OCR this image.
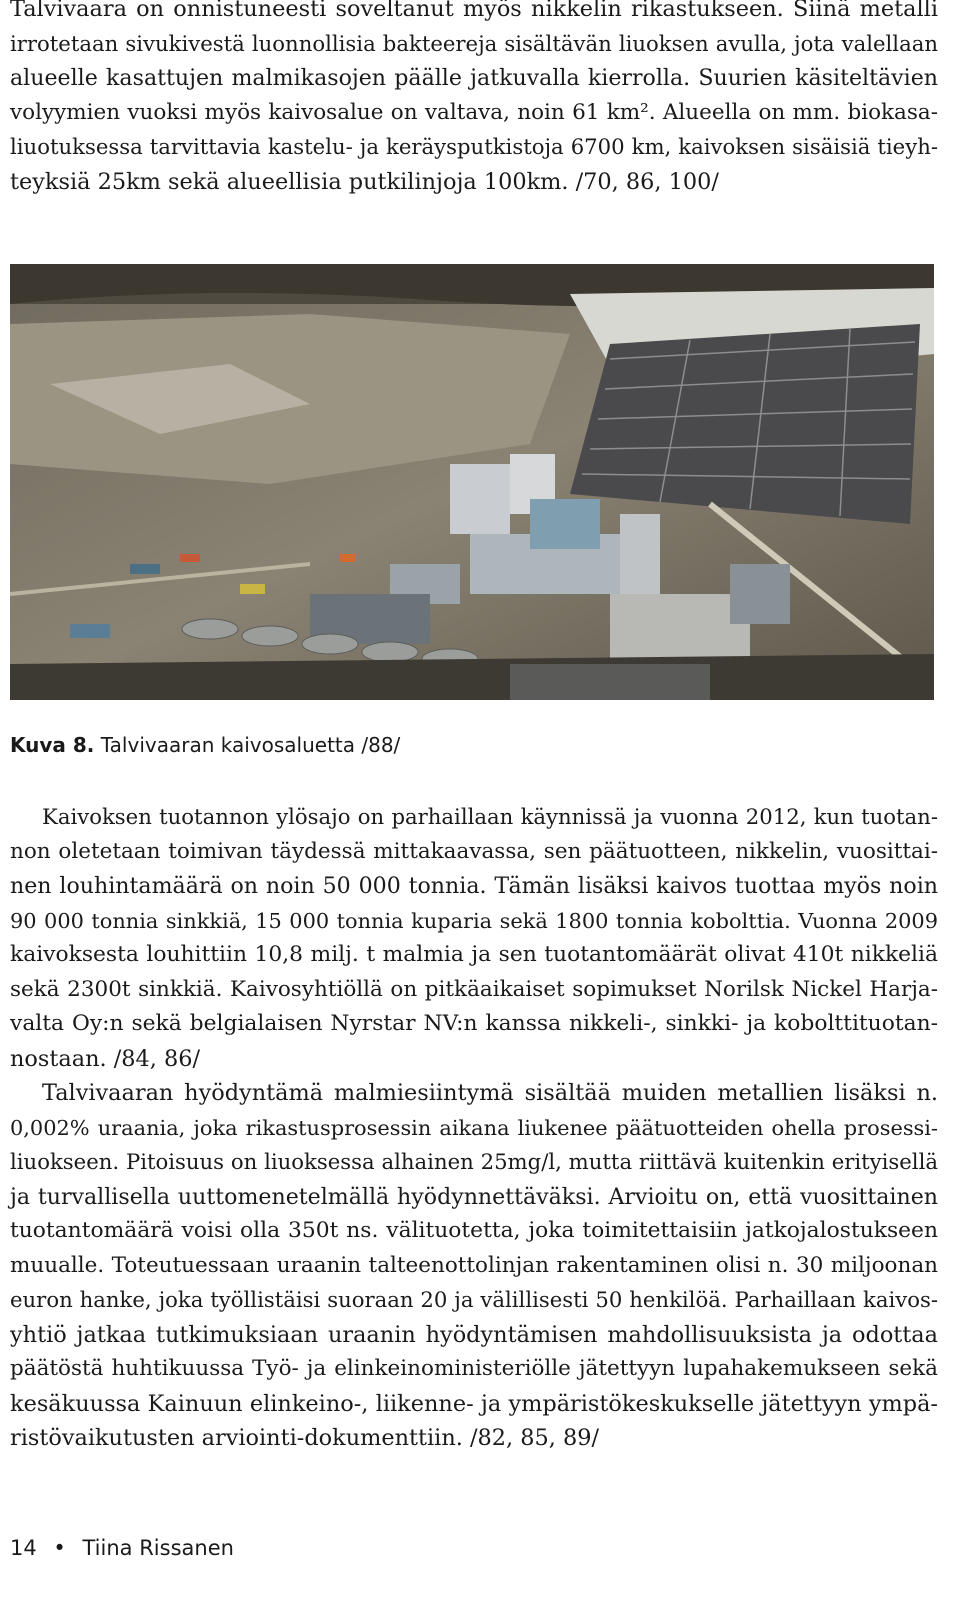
Talvivaara on onnistuneesti soveltanut myös nikkelin rikastukseen. Siinä metalli
irrotetaan sivukivestä luonnollisia bakteereja sisältävän liuoksen avulla, jota valellaan
alueelle kasattujen malmikasojen päälle jatkuvalla kierrolla. Suurien käsiteltävien
volyymien vuoksi myös kaivosalue on valtava, noin 61 km². Alueella on mm. biokasa-
liuotuksessa tarvittavia kastelu- ja keräysputkistoja 6700 km, kaivoksen sisäisiä tieyh-
teyksiä 25km sekä alueellisia putkilinjoja 100km. /70, 86, 100/
Kuva 8. Talvivaaran kaivosaluetta /88/
Kaivoksen tuotannon ylösajo on parhaillaan käynnissä ja vuonna 2012, kun tuotan-
non oletetaan toimivan täydessä mittakaavassa, sen päätuotteen, nikkelin, vuosittai-
nen louhintamäärä on noin 50 000 tonnia. Tämän lisäksi kaivos tuottaa myös noin
90 000 tonnia sinkkiä, 15 000 tonnia kuparia sekä 1800 tonnia kobolttia. Vuonna 2009
kaivoksesta louhittiin 10,8 milj. t malmia ja sen tuotantomäärät olivat 410t nikkeliä
sekä 2300t sinkkiä. Kaivosyhtiöllä on pitkäaikaiset sopimukset Norilsk Nickel Harja-
valta Oy:n sekä belgialaisen Nyrstar NV:n kanssa nikkeli-, sinkki- ja kobolttituotan-
nostaan. /84, 86/
Talvivaaran hyödyntämä malmiesiintymä sisältää muiden metallien lisäksi n.
0,002% uraania, joka rikastusprosessin aikana liukenee päätuotteiden ohella prosessi-
liuokseen. Pitoisuus on liuoksessa alhainen 25mg/l, mutta riittävä kuitenkin erityisellä
ja turvallisella uuttomenetelmällä hyödynnettäväksi. Arvioitu on, että vuosittainen
tuotantomäärä voisi olla 350t ns. välituotetta, joka toimitettaisiin jatkojalostukseen
muualle. Toteutuessaan uraanin talteenottolinjan rakentaminen olisi n. 30 miljoonan
euron hanke, joka työllistäisi suoraan 20 ja välillisesti 50 henkilöä. Parhaillaan kaivos-
yhtiö jatkaa tutkimuksiaan uraanin hyödyntämisen mahdollisuuksista ja odottaa
päätöstä huhtikuussa Työ- ja elinkeinoministeriölle jätettyyn lupahakemukseen sekä
kesäkuussa Kainuun elinkeino-, liikenne- ja ympäristökeskukselle jätettyyn ympä-
ristövaikutusten arviointi-dokumenttiin. /82, 85, 89/
14 • Tiina Rissanen
